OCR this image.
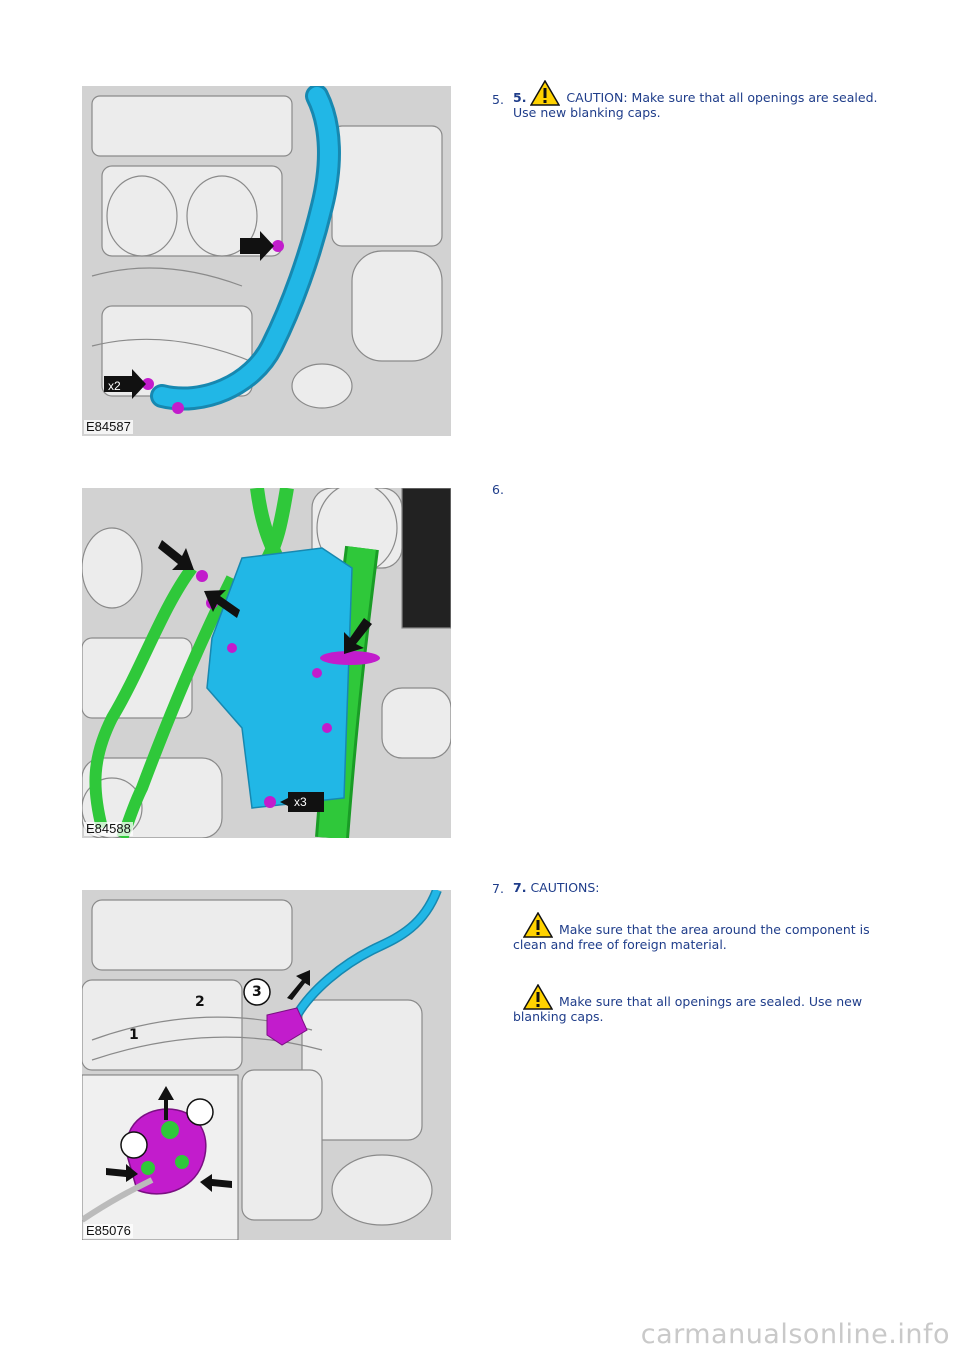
E84587
x2
5. 5.	CAUTION: Make sure that all openings are sealed. Use new blanking caps.
E84588
x3
6.
E85076
1
2
3
7. 7. CAUTIONS:
Make sure that the area around the component is clean and free of foreign material.
Make sure that all openings are sealed. Use new blanking caps.
carmanualsonline.info
